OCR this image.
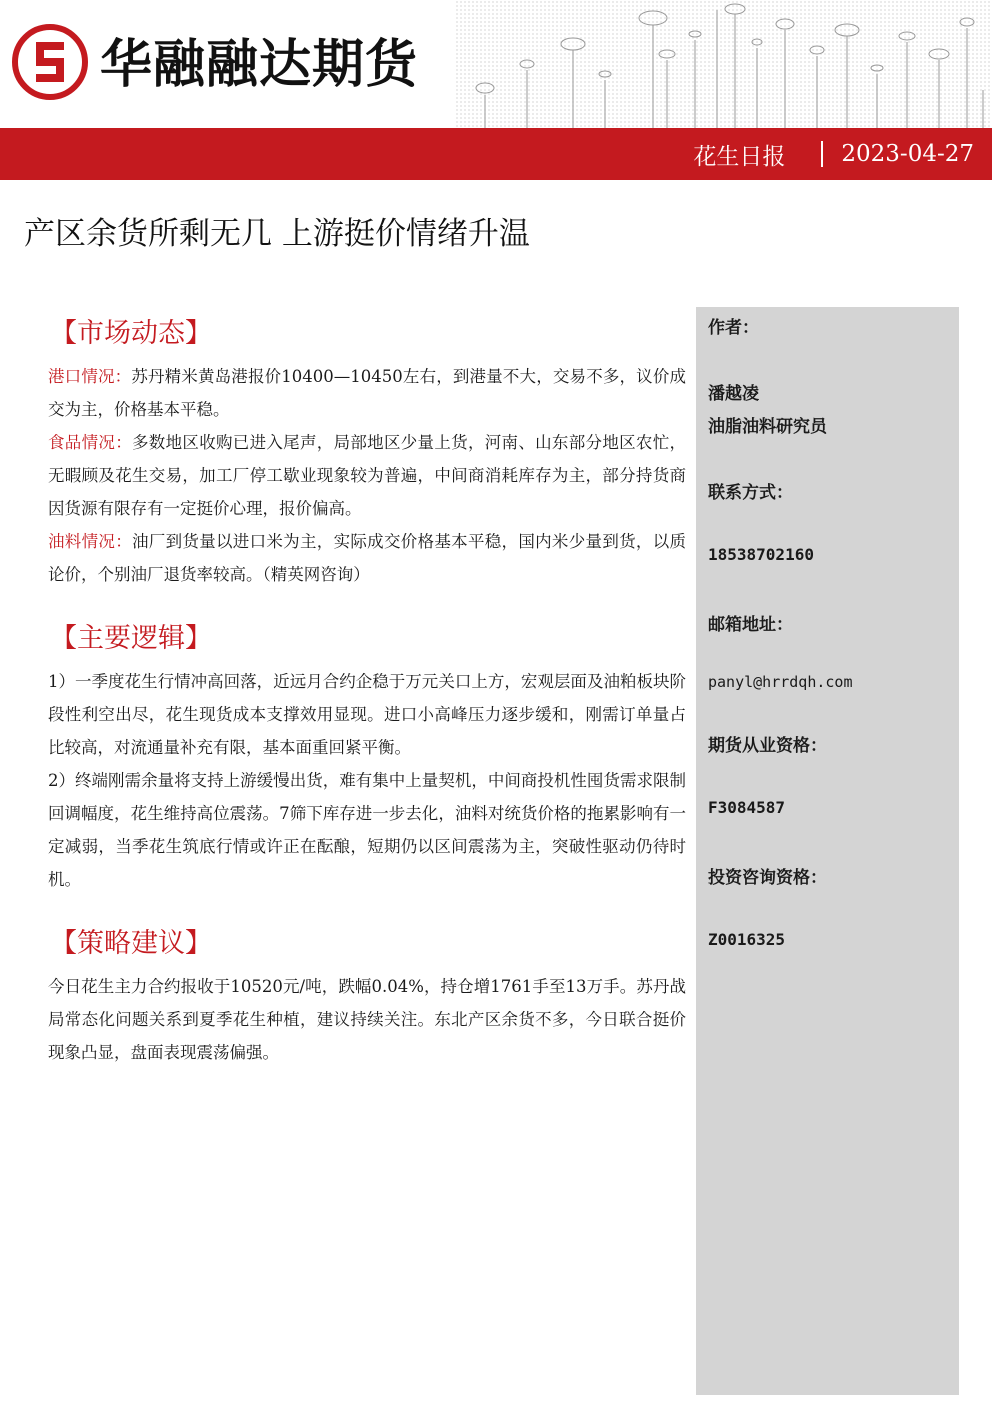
华融融达期货
花生日报 2023-04-27
产区余货所剩无几 上游挺价情绪升温
【市场动态】

港口情况：苏丹精米黄岛港报价10400—10450左右，到港量不大，交易不多，议价成交为主，价格基本平稳。

食品情况：多数地区收购已进入尾声，局部地区少量上货，河南、山东部分地区农忙，无暇顾及花生交易，加工厂停工歇业现象较为普遍，中间商消耗库存为主，部分持货商因货源有限存有一定挺价心理，报价偏高。

油料情况：油厂到货量以进口米为主，实际成交价格基本平稳，国内米少量到货，以质论价，个别油厂退货率较高。（精英网咨询）

【主要逻辑】

1）一季度花生行情冲高回落，近远月合约企稳于万元关口上方，宏观层面及油粕板块阶段性利空出尽，花生现货成本支撑效用显现。进口小高峰压力逐步缓和，刚需订单量占比较高，对流通量补充有限，基本面重回紧平衡。

2）终端刚需余量将支持上游缓慢出货，难有集中上量契机，中间商投机性囤货需求限制回调幅度，花生维持高位震荡。7筛下库存进一步去化，油料对统货价格的拖累影响有一定减弱，当季花生筑底行情或许正在酝酿，短期仍以区间震荡为主，突破性驱动仍待时机。

【策略建议】

今日花生主力合约报收于10520元/吨，跌幅0.04%，持仓增1761手至13万手。苏丹战局常态化问题关系到夏季花生种植，建议持续关注。东北产区余货不多，今日联合挺价现象凸显，盘面表现震荡偏强。

作者：
潘越凌
油脂油料研究员
联系方式：
18538702160
邮箱地址：
panyl@hrrdqh.com
期货从业资格：
F3084587
投资咨询资格：
Z0016325
